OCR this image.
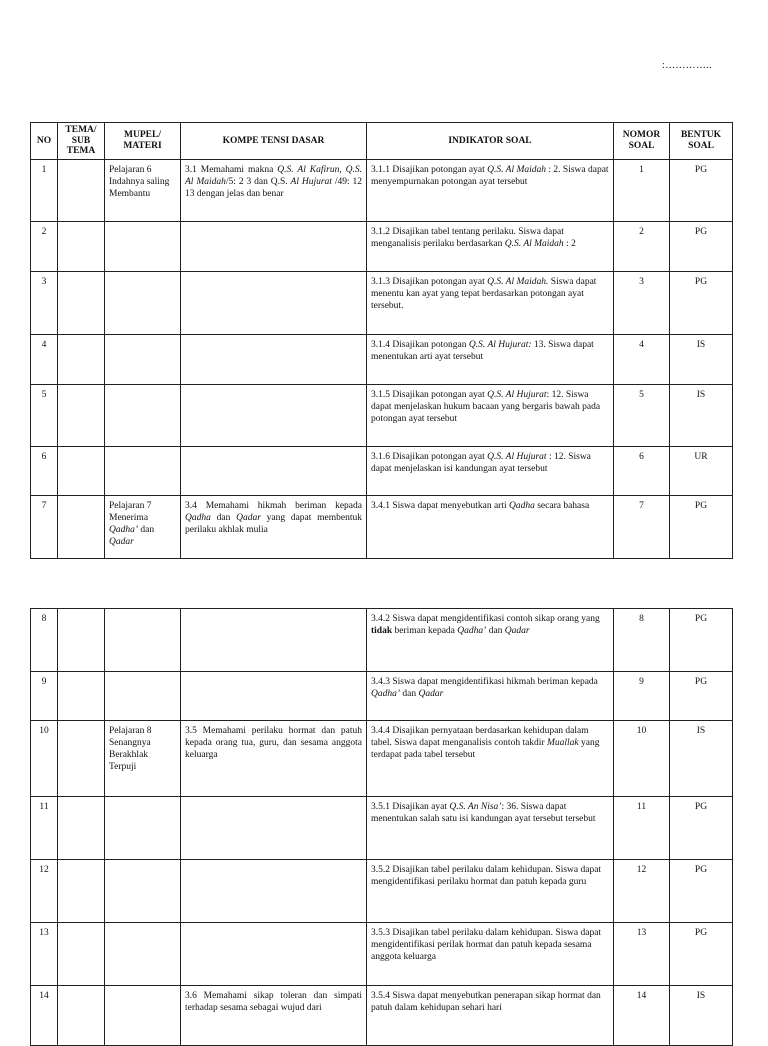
:…………..
NO	TEMA/ SUB TEMA	MUPEL/ MATERI	KOMPE TENSI DASAR	INDIKATOR SOAL	NOMOR SOAL	BENTUK SOAL
1		Pelajaran 6 Indahnya saling Membantu	3.1 Memahami makna Q.S. Al Kafirun, Q.S. Al Maidah/5: 2 3 dan Q.S. Al Hujurat /49: 12 13 dengan jelas dan benar	3.1.1 Disajikan potongan ayat Q.S. Al Maidah : 2. Siswa dapat menyempurnakan potongan ayat tersebut	1	PG
2				3.1.2 Disajikan tabel tentang perilaku. Siswa dapat menganalisis perilaku berdasarkan Q.S. Al Maidah : 2	2	PG
3				3.1.3 Disajikan potongan ayat Q.S. Al Maidah. Siswa dapat menentu kan ayat yang tepat berdasarkan potongan ayat tersebut.	3	PG
4				3.1.4 Disajikan potongan Q.S. Al Hujurat: 13. Siswa dapat menentukan arti ayat tersebut	4	IS
5				3.1.5 Disajikan potongan ayat Q.S. Al Hujurat: 12. Siswa dapat menjelaskan hukum bacaan yang bergaris bawah pada potongan ayat tersebut	5	IS
6				3.1.6 Disajikan potongan ayat Q.S. Al Hujurat : 12. Siswa dapat menjelaskan isi kandungan ayat tersebut	6	UR
7		Pelajaran 7 Menerima Qadha’ dan Qadar	3.4 Memahami hikmah beriman kepada Qadha dan Qadar yang dapat membentuk perilaku akhlak mulia	3.4.1 Siswa dapat menyebutkan arti Qadha secara bahasa	7	PG
8				3.4.2 Siswa dapat mengidentifikasi contoh sikap orang yang tidak beriman kepada Qadha’ dan Qadar	8	PG
9				3.4.3 Siswa dapat mengidentifikasi hikmah beriman kepada Qadha’ dan Qadar	9	PG
10		Pelajaran 8 Senangnya Berakhlak Terpuji	3.5 Memahami perilaku hormat dan patuh kepada orang tua, guru, dan sesama anggota keluarga	3.4.4 Disajikan pernyataan berdasarkan kehidupan dalam tabel. Siswa dapat menganalisis contoh takdir Muallak yang terdapat pada tabel tersebut	10	IS
11				3.5.1 Disajikan ayat Q.S. An Nisa’: 36. Siswa dapat menentukan salah satu isi kandungan ayat tersebut tersebut	11	PG
12				3.5.2 Disajikan tabel perilaku dalam kehidupan. Siswa dapat mengidentifikasi perilaku hormat dan patuh kepada guru	12	PG
13				3.5.3 Disajikan tabel perilaku dalam kehidupan. Siswa dapat mengidentifikasi perilak hormat dan patuh kepada sesama anggota keluarga	13	PG
14			3.6 Memahami sikap toleran dan simpati terhadap sesama sebagai wujud dari	3.5.4 Siswa dapat menyebutkan penerapan sikap hormat dan patuh dalam kehidupan sehari hari	14	IS
